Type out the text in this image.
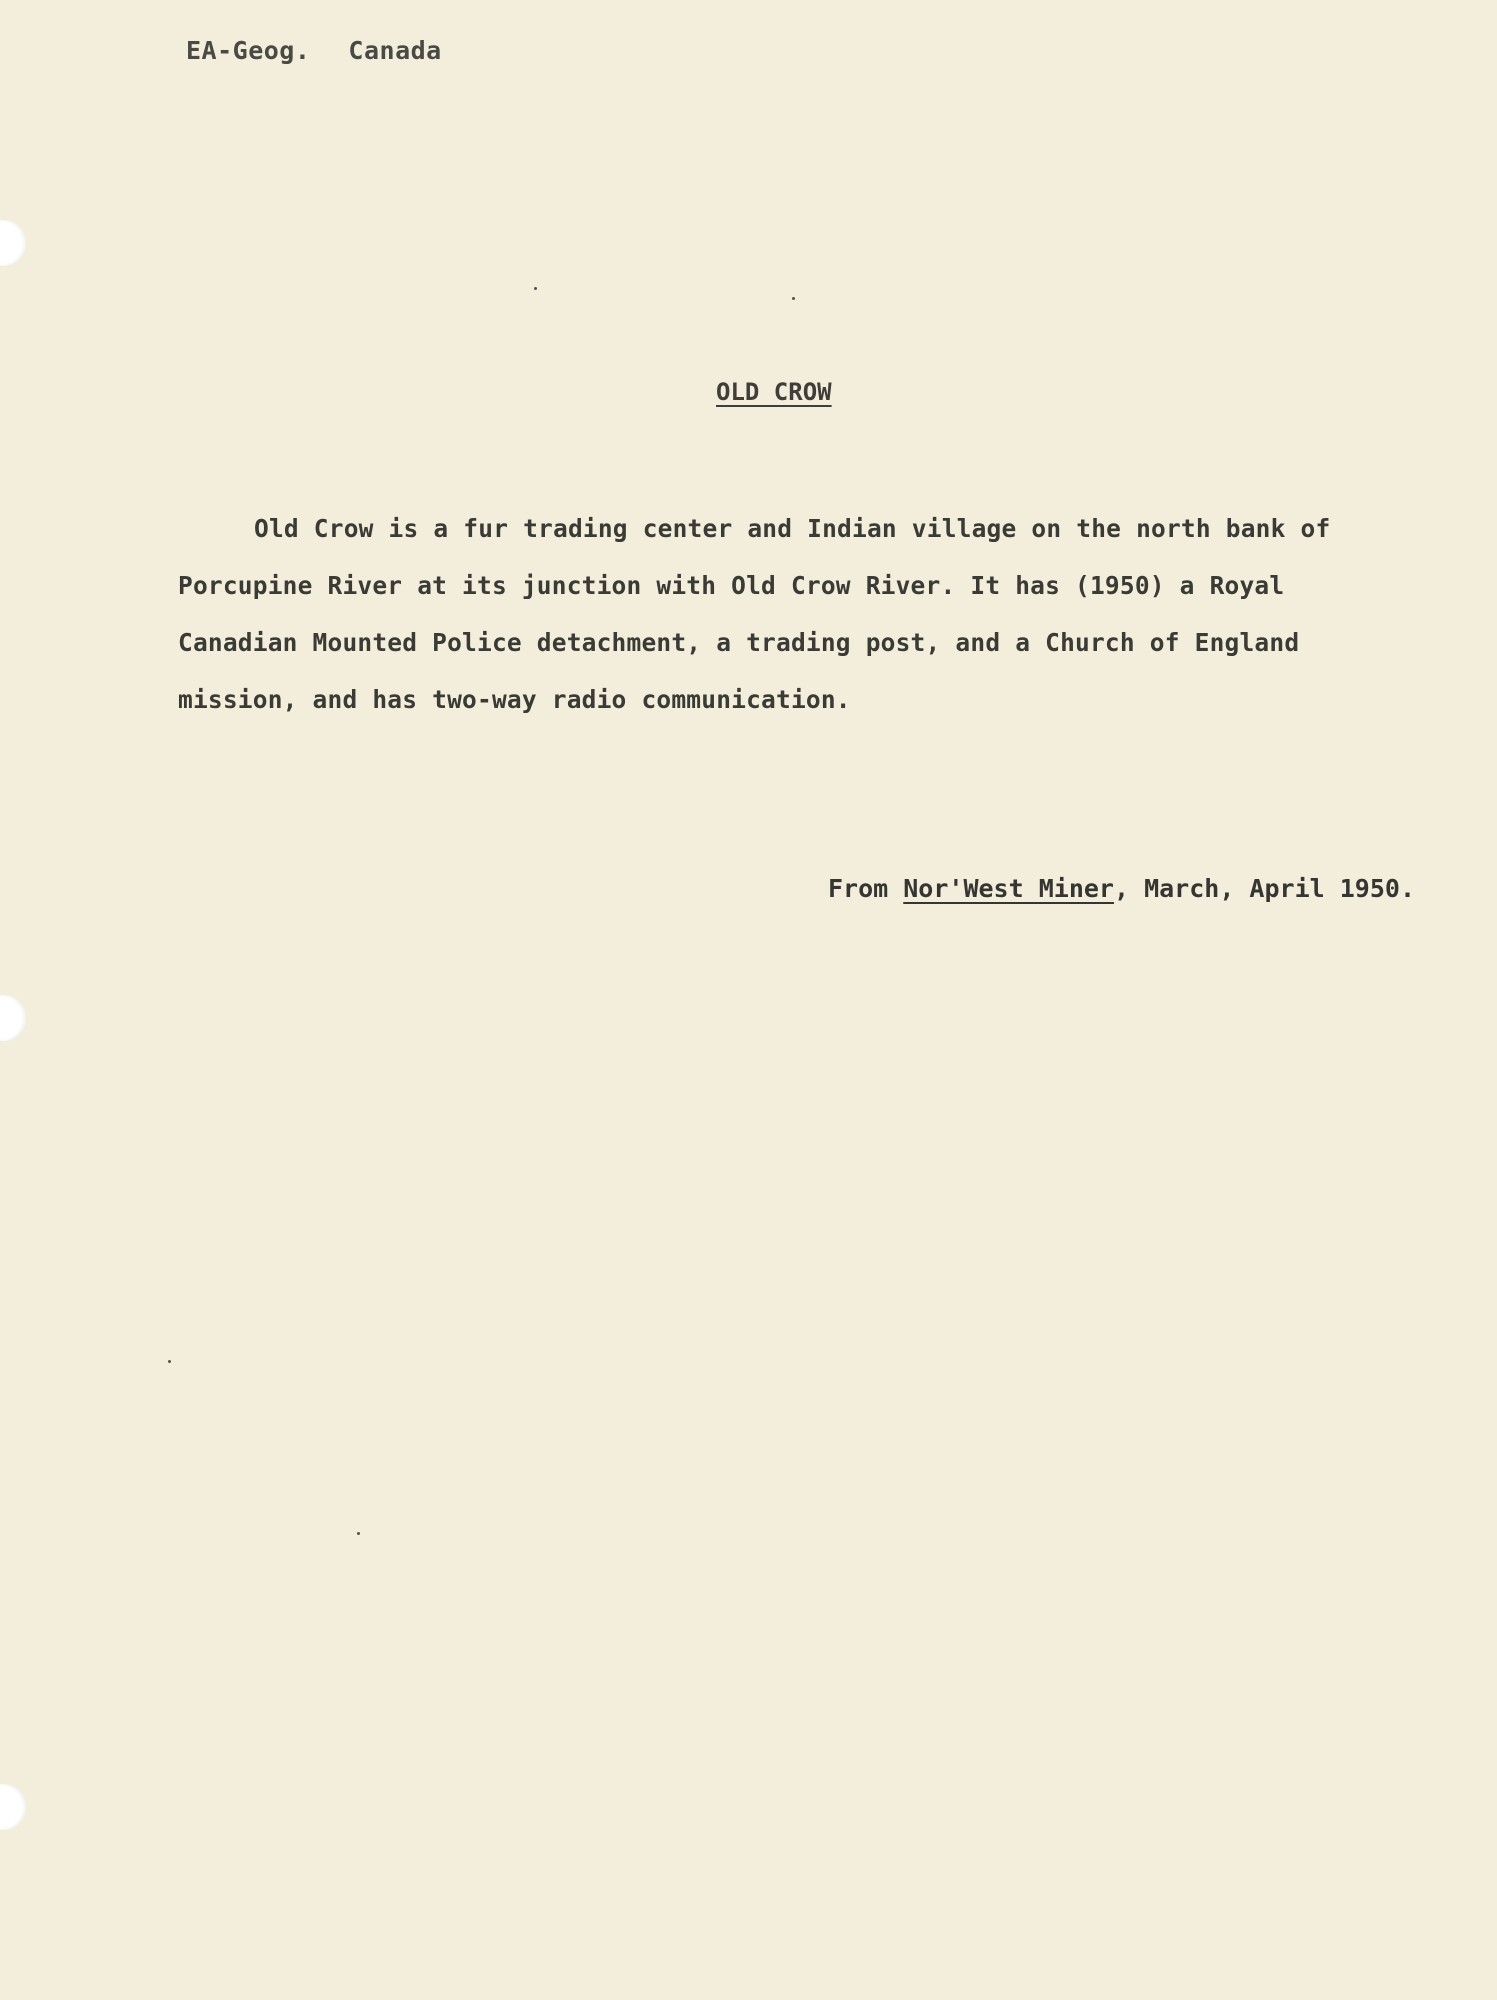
EA-Geog. Canada
OLD CROW
Old Crow is a fur trading center and Indian village on the north bank of
Porcupine River at its junction with Old Crow River. It has (1950) a Royal
Canadian Mounted Police detachment, a trading post, and a Church of England
mission, and has two-way radio communication.
From Nor'West Miner, March, April 1950.
